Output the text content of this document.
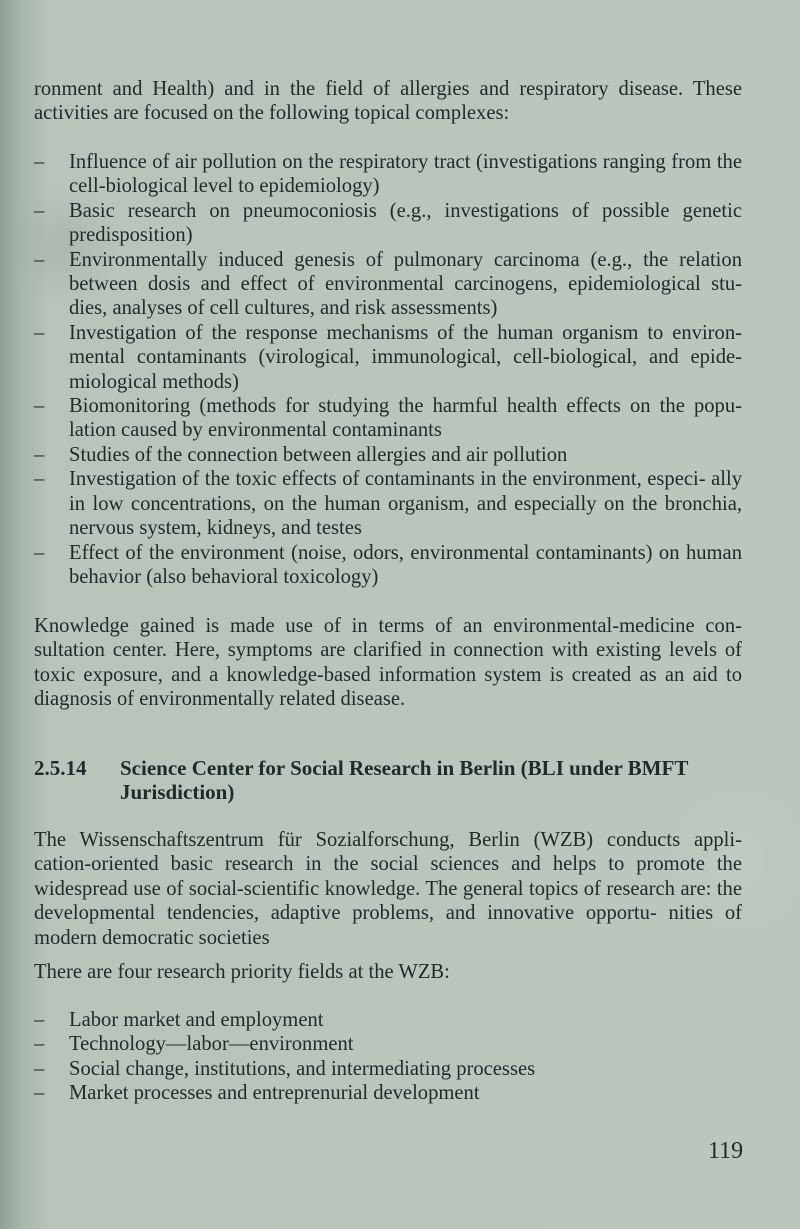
ronment and Health) and in the field of allergies and respiratory disease. These activities are focused on the following topical complexes:

– Influence of air pollution on the respiratory tract (investigations ranging from the cell-biological level to epidemiology)
– Basic research on pneumoconiosis (e.g., investigations of possible genetic predisposition)
– Environmentally induced genesis of pulmonary carcinoma (e.g., the relation between dosis and effect of environmental carcinogens, epidemiological stu- dies, analyses of cell cultures, and risk assessments)
– Investigation of the response mechanisms of the human organism to environ- mental contaminants (virological, immunological, cell-biological, and epide- miological methods)
– Biomonitoring (methods for studying the harmful health effects on the popu- lation caused by environmental contaminants
– Studies of the connection between allergies and air pollution
– Investigation of the toxic effects of contaminants in the environment, especi- ally in low concentrations, on the human organism, and especially on the bronchia, nervous system, kidneys, and testes
– Effect of the environment (noise, odors, environmental contaminants) on human behavior (also behavioral toxicology)

Knowledge gained is made use of in terms of an environmental-medicine con- sultation center. Here, symptoms are clarified in connection with existing levels of toxic exposure, and a knowledge-based information system is created as an aid to diagnosis of environmentally related disease.

2.5.14 Science Center for Social Research in Berlin (BLI under BMFT
Jurisdiction)

The Wissenschaftszentrum für Sozialforschung, Berlin (WZB) conducts appli- cation-oriented basic research in the social sciences and helps to promote the widespread use of social-scientific knowledge. The general topics of research are: the developmental tendencies, adaptive problems, and innovative opportu- nities of modern democratic societies

There are four research priority fields at the WZB:

– Labor market and employment
– Technology—labor—environment
– Social change, institutions, and intermediating processes
– Market processes and entreprenurial development
119
